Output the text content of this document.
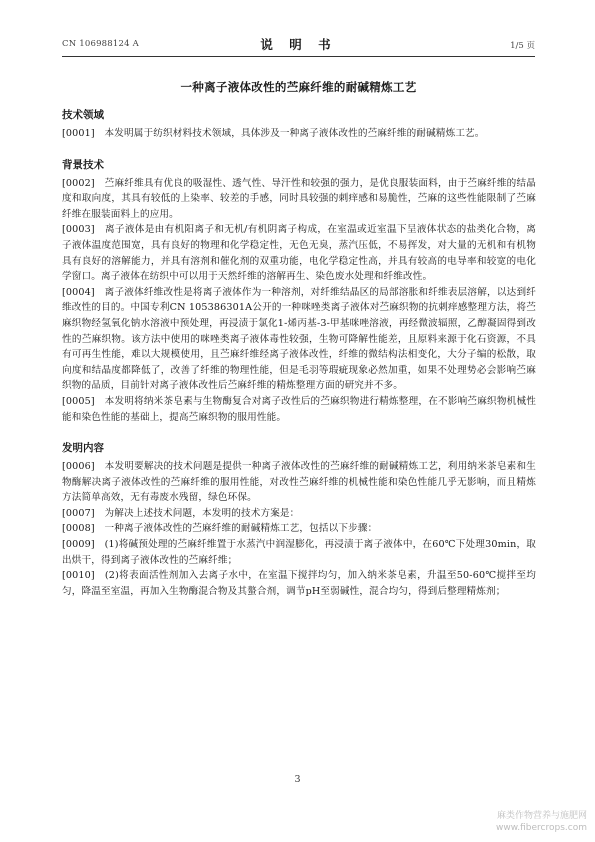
CN 106988124 A	说 明 书	1/5 页
一种离子液体改性的苎麻纤维的耐碱精炼工艺

技术领域

[0001]　本发明属于纺织材料技术领域，具体涉及一种离子液体改性的苎麻纤维的耐碱精炼工艺。

背景技术

[0002]　苎麻纤维具有优良的吸湿性、透气性、导汗性和较强的强力，是优良服装面料，由于苎麻纤维的结晶度和取向度，其具有较低的上染率、较差的手感，同时具较强的刺痒感和易脆性，苎麻的这些性能限制了苎麻纤维在服装面料上的应用。

[0003]　离子液体是由有机阳离子和无机/有机阴离子构成，在室温或近室温下呈液体状态的盐类化合物，离子液体温度范围宽，具有良好的物理和化学稳定性，无色无臭，蒸汽压低，不易挥发，对大量的无机和有机物具有良好的溶解能力，并具有溶剂和催化剂的双重功能，电化学稳定性高，并具有较高的电导率和较宽的电化学窗口。离子液体在纺织中可以用于天然纤维的溶解再生、染色废水处理和纤维改性。

[0004]　离子液体纤维改性是将离子液体作为一种溶剂，对纤维结晶区的局部溶胀和纤维表层溶解，以达到纤维改性的目的。中国专利CN 105386301A公开的一种咪唑类离子液体对苎麻织物的抗刺痒感整理方法，将苎麻织物经氢氧化钠水溶液中预处理，再浸渍于氯化1-烯丙基-3-甲基咪唑溶液，再经微波辐照，乙醇凝固得到改性的苎麻织物。该方法中使用的咪唑类离子液体毒性较强，生物可降解性能差，且原料来源于化石资源，不具有可再生性能，难以大规模使用，且苎麻纤维经离子液体改性，纤维的微结构法相变化，大分子编的松散，取向度和结晶度都降低了，改善了纤维的物理性能，但是毛羽等瑕疵现象必然加重，如果不处理势必会影响苎麻织物的品质，目前针对离子液体改性后苎麻纤维的精炼整理方面的研究并不多。

[0005]　本发明将纳米茶皂素与生物酶复合对离子改性后的苎麻织物进行精炼整理，在不影响苎麻织物机械性能和染色性能的基础上，提高苎麻织物的服用性能。

发明内容

[0006]　本发明要解决的技术问题是提供一种离子液体改性的苎麻纤维的耐碱精炼工艺，利用纳米茶皂素和生物酶解决离子液体改性的苎麻纤维的服用性能，对改性苎麻纤维的机械性能和染色性能几乎无影响，而且精炼方法简单高效，无有毒废水残留，绿色环保。

[0007]　为解决上述技术问题，本发明的技术方案是：

[0008]　一种离子液体改性的苎麻纤维的耐碱精炼工艺，包括以下步骤：

[0009]　(1)将碱预处理的苎麻纤维置于水蒸汽中润湿膨化，再浸渍于离子液体中，在60℃下处理30min，取出烘干，得到离子液体改性的苎麻纤维；

[0010]　(2)将表面活性剂加入去离子水中，在室温下搅拌均匀，加入纳米茶皂素，升温至50-60℃搅拌至均匀，降温至室温，再加入生物酶混合物及其螯合剂，调节pH至弱碱性，混合均匀，得到后整理精炼剂；

3
麻类作物营养与施肥网
www.fibercrops.com
